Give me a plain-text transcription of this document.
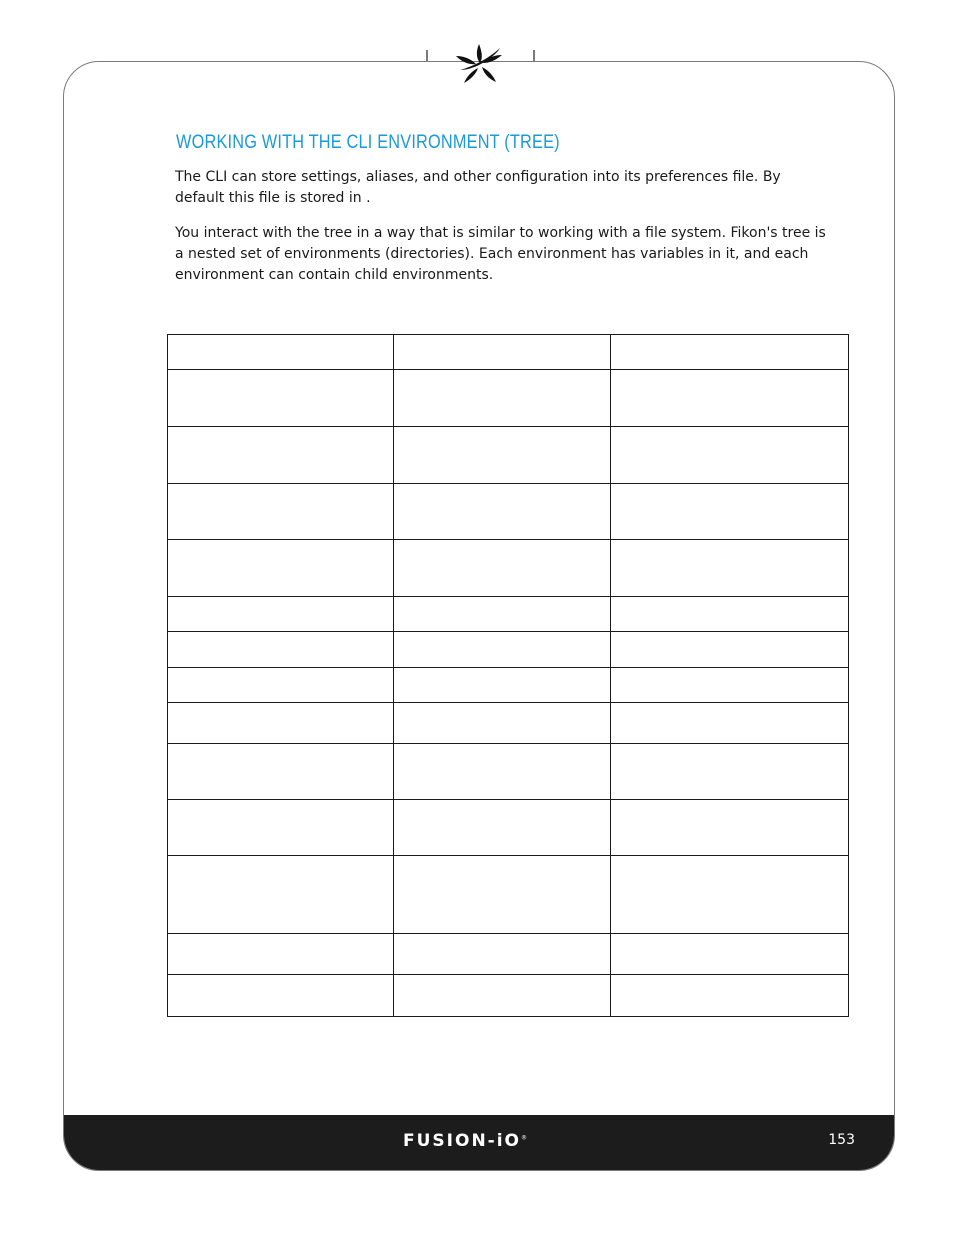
FUSION-iO®	153
WORKING WITH THE CLI ENVIRONMENT (TREE)

The CLI can store settings, aliases, and other configuration into its preferences file. By default this file is stored in .

You interact with the tree in a way that is similar to working with a file system. Fikon's tree is a nested set of environments (directories). Each environment has variables in it, and each environment can contain child environments.
